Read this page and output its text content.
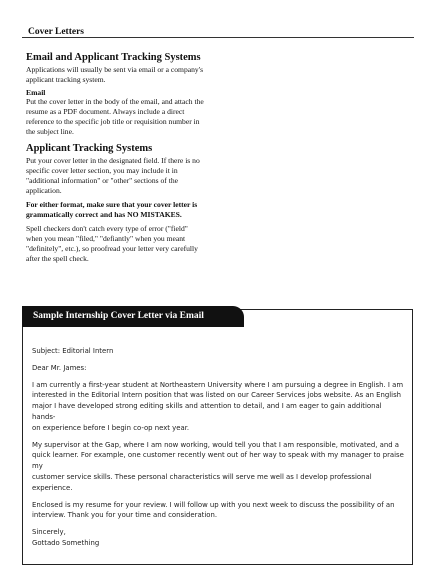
Cover Letters
Email and Applicant Tracking Systems

Applications will usually be sent via email or a company's

applicant tracking system.

Email

Put the cover letter in the body of the email, and attach the

resume as a PDF document. Always include a direct

reference to the specific job title or requisition number in

the subject line.

Applicant Tracking Systems

Put your cover letter in the designated field. If there is no

specific cover letter section, you may include it in

"additional information" or "other" sections of the

application.

For either format, make sure that your cover letter is

grammatically correct and has NO MISTAKES.

Spell checkers don't catch every type of error ("field"

when you mean "filed," "defiantly" when you meant

"definitely", etc.), so proofread your letter very carefully

after the spell check.

Sample Internship Cover Letter via Email

Subject: Editorial Intern

Dear Mr. James:

I am currently a first-year student at Northeastern University where I am pursuing a degree in English. I am

interested in the Editorial Intern position that was listed on our Career Services jobs website. As an English

major I have developed strong editing skills and attention to detail, and I am eager to gain additional hands-

on experience before I begin co-op next year.

My supervisor at the Gap, where I am now working, would tell you that I am responsible, motivated, and a

quick learner. For example, one customer recently went out of her way to speak with my manager to praise my

customer service skills. These personal characteristics will serve me well as I develop professional experience.

Enclosed is my resume for your review. I will follow up with you next week to discuss the possibility of an

interview. Thank you for your time and consideration.

Sincerely,

Gottado Something
